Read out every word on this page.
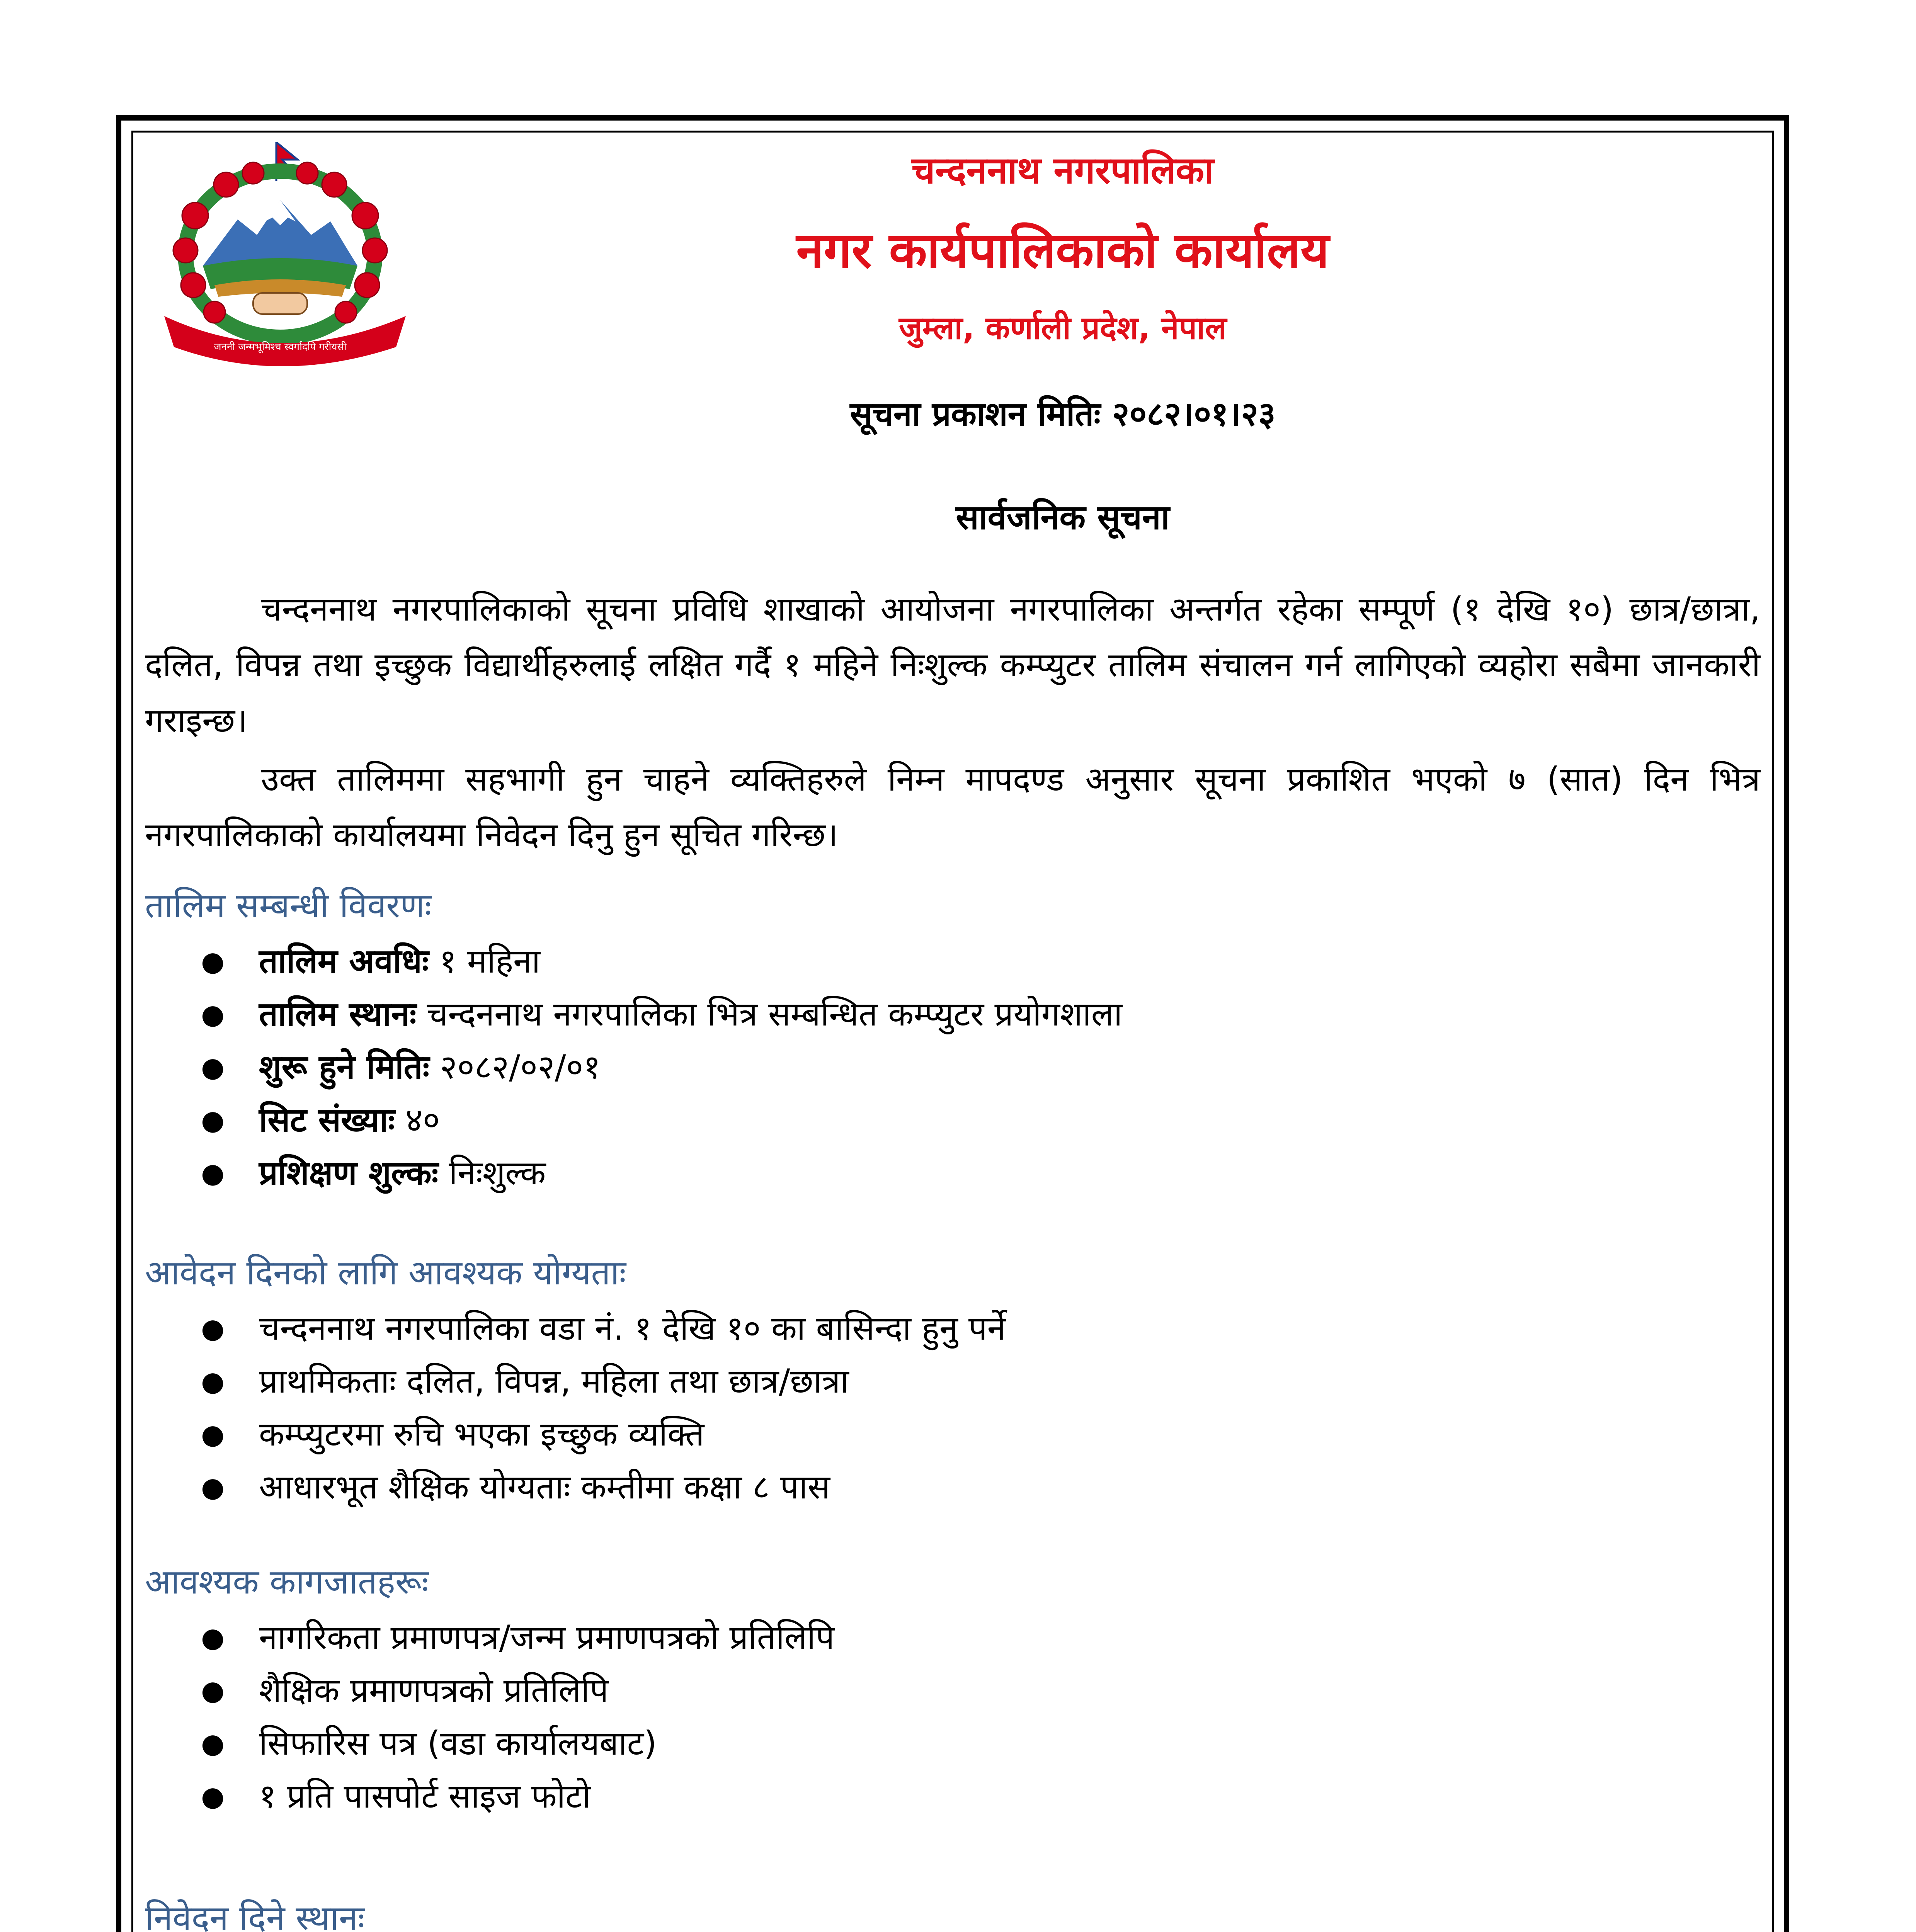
जननी जन्मभूमिश्च स्वर्गादपि गरीयसी
चन्दननाथ नगरपालिका
नगर कार्यपालिकाको कार्यालय
जुम्ला, कर्णाली प्रदेश, नेपाल
सूचना प्रकाशन मितिः २०८२।०१।२३
सार्वजनिक सूचना

चन्दननाथ नगरपालिकाको सूचना प्रविधि शाखाको आयोजना नगरपालिका अन्तर्गत रहेका सम्पूर्ण (१ देखि १०) छात्र/छात्रा, दलित, विपन्न तथा इच्छुक विद्यार्थीहरुलाई लक्षित गर्दै १ महिने निःशुल्क कम्प्युटर तालिम संचालन गर्न लागिएको व्यहोरा सबैमा जानकारी गराइन्छ।

उक्त तालिममा सहभागी हुन चाहने व्यक्तिहरुले निम्न मापदण्ड अनुसार सूचना प्रकाशित भएको ७ (सात) दिन भित्र नगरपालिकाको कार्यालयमा निवेदन दिनु हुन सूचित गरिन्छ।

तालिम सम्बन्धी विवरणः
● तालिम अवधिः १ महिना
● तालिम स्थानः चन्दननाथ नगरपालिका भित्र सम्बन्धित कम्प्युटर प्रयोगशाला
● शुरू हुने मितिः २०८२/०२/०१
● सिट संख्याः ४०
● प्रशिक्षण शुल्कः निःशुल्क
आवेदन दिनको लागि आवश्यक योग्यताः
● चन्दननाथ नगरपालिका वडा नं. १ देखि १० का बासिन्दा हुनु पर्ने
● प्राथमिकताः दलित, विपन्न, महिला तथा छात्र/छात्रा
● कम्प्युटरमा रुचि भएका इच्छुक व्यक्ति
● आधारभूत शैक्षिक योग्यताः कम्तीमा कक्षा ८ पास
आवश्यक कागजातहरूः
● नागरिकता प्रमाणपत्र/जन्म प्रमाणपत्रको प्रतिलिपि
● शैक्षिक प्रमाणपत्रको प्रतिलिपि
● सिफारिस पत्र (वडा कार्यालयबाट)
● १ प्रति पासपोर्ट साइज फोटो
निवेदन दिने स्थानः
